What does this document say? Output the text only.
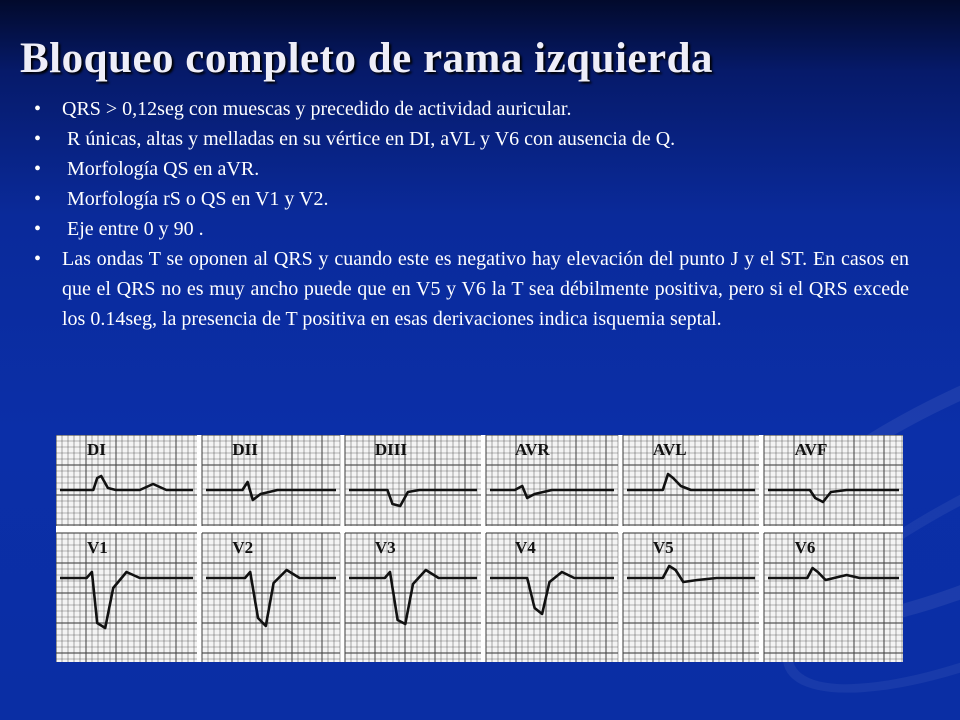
Bloqueo completo de rama izquierda
• QRS > 0,12seg con muescas y precedido de actividad auricular.
• R únicas, altas y melladas en su vértice en DI, aVL y V6 con ausencia de Q.
• Morfología QS en aVR.
• Morfología rS o QS en V1 y V2.
• Eje entre 0 y 90 .
• Las ondas T se oponen al QRS y cuando este es negativo hay elevación del punto J y el ST. En casos en que el QRS no es muy ancho puede que en V5 y V6 la T sea débilmente positiva, pero si el QRS excede los 0.14seg, la presencia de T positiva en esas derivaciones indica isquemia septal.
DI	DII	DIII	AVR	AVL	AVF
V1	V2	V3	V4	V5	V6
